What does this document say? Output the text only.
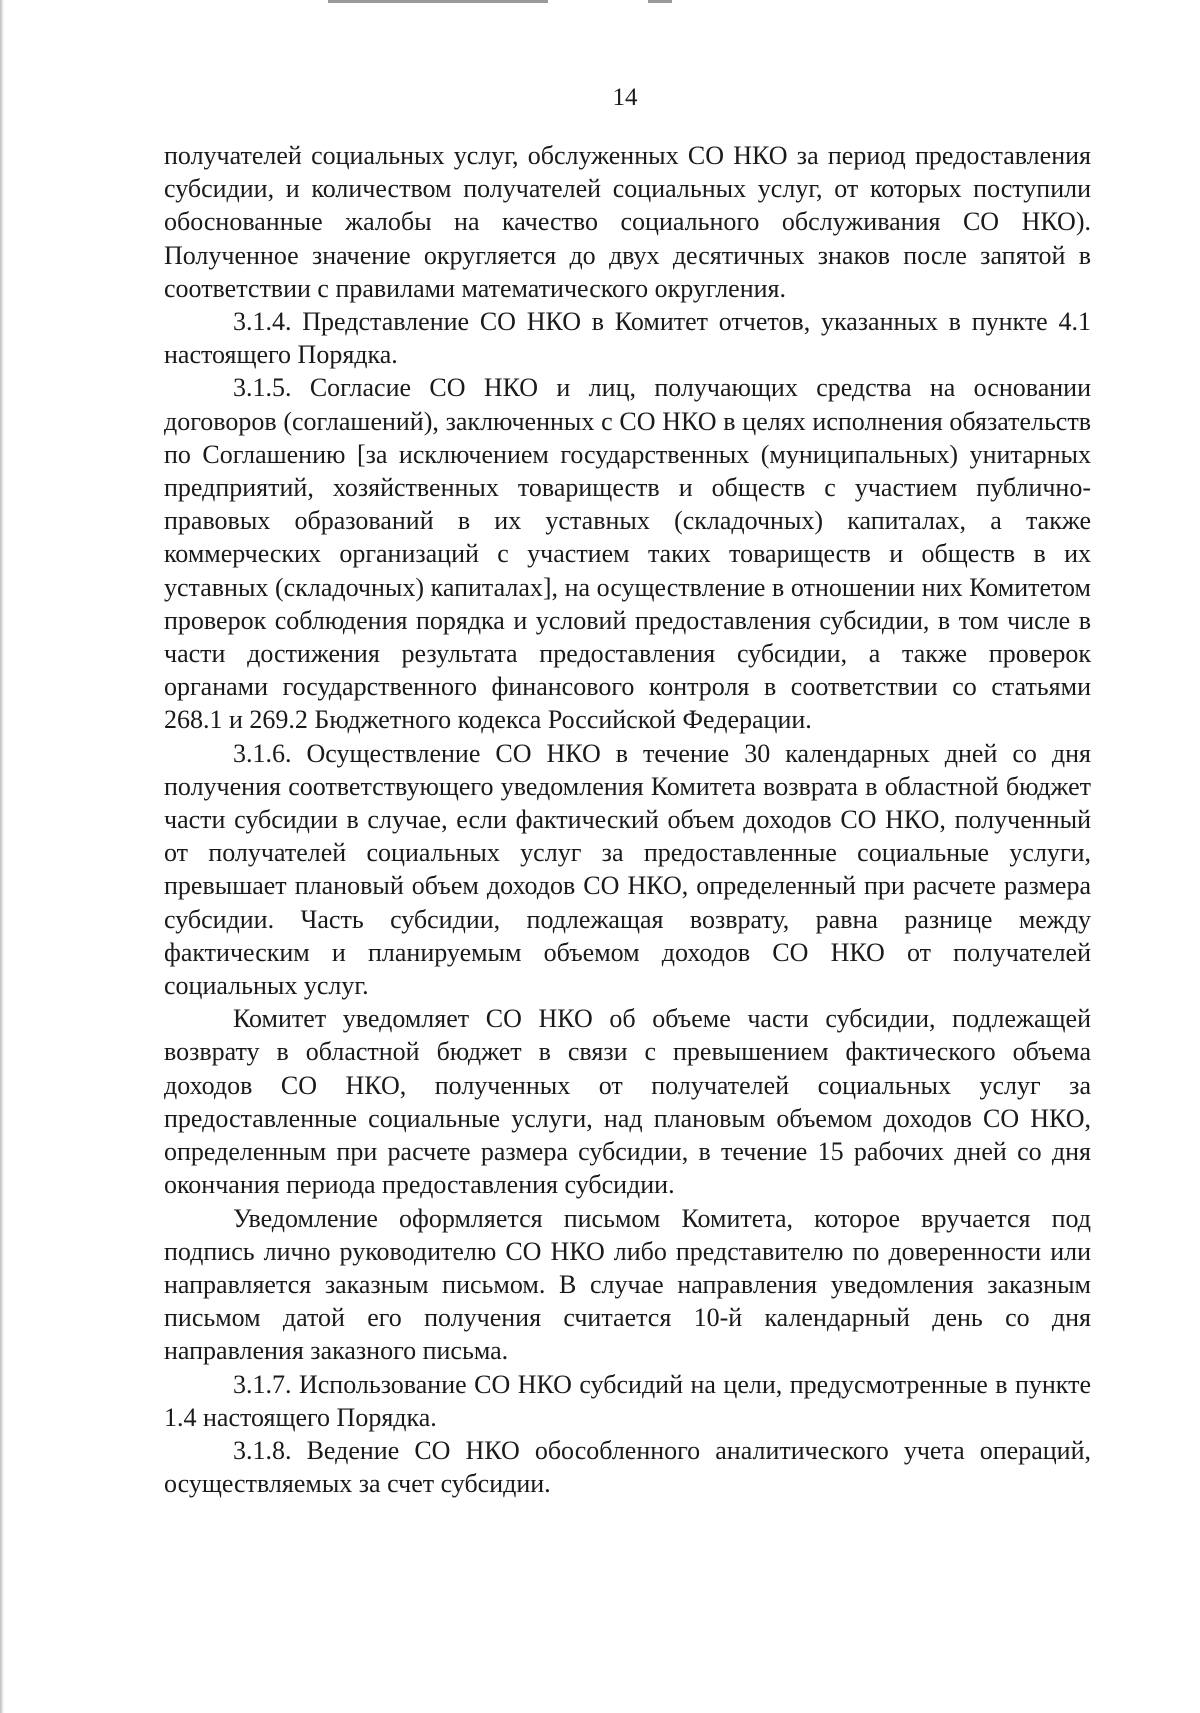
14

получателей социальных услуг, обслуженных СО НКО за период предоставления субсидии, и количеством получателей социальных услуг, от которых поступили обоснованные жалобы на качество социального обслуживания СО НКО). Полученное значение округляется до двух десятичных знаков после запятой в соответствии с правилами математического округления.

3.1.4. Представление СО НКО в Комитет отчетов, указанных в пункте 4.1 настоящего Порядка.

3.1.5. Согласие СО НКО и лиц, получающих средства на основании договоров (соглашений), заключенных с СО НКО в целях исполнения обязательств по Соглашению [за исключением государственных (муниципальных) унитарных предприятий, хозяйственных товариществ и обществ с участием публично-правовых образований в их уставных (складочных) капиталах, а также коммерческих организаций с участием таких товариществ и обществ в их уставных (складочных) капиталах], на осуществление в отношении них Комитетом проверок соблюдения порядка и условий предоставления субсидии, в том числе в части достижения результата предоставления субсидии, а также проверок органами государственного финансового контроля в соответствии со статьями 268.1 и 269.2 Бюджетного кодекса Российской Федерации.

3.1.6. Осуществление СО НКО в течение 30 календарных дней со дня получения соответствующего уведомления Комитета возврата в областной бюджет части субсидии в случае, если фактический объем доходов СО НКО, полученный от получателей социальных услуг за предоставленные социальные услуги, превышает плановый объем доходов СО НКО, определенный при расчете размера субсидии. Часть субсидии, подлежащая возврату, равна разнице между фактическим и планируемым объемом доходов СО НКО от получателей социальных услуг.

Комитет уведомляет СО НКО об объеме части субсидии, подлежащей возврату в областной бюджет в связи с превышением фактического объема доходов СО НКО, полученных от получателей социальных услуг за предоставленные социальные услуги, над плановым объемом доходов СО НКО, определенным при расчете размера субсидии, в течение 15 рабочих дней со дня окончания периода предоставления субсидии.

Уведомление оформляется письмом Комитета, которое вручается под подпись лично руководителю СО НКО либо представителю по доверенности или направляется заказным письмом. В случае направления уведомления заказным письмом датой его получения считается 10-й календарный день со дня направления заказного письма.

3.1.7. Использование СО НКО субсидий на цели, предусмотренные в пункте 1.4 настоящего Порядка.

3.1.8. Ведение СО НКО обособленного аналитического учета операций, осуществляемых за счет субсидии.
